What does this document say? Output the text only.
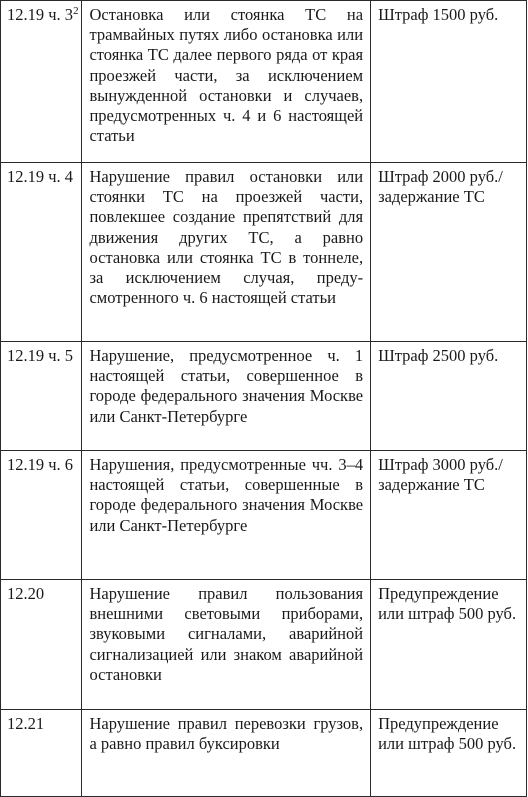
12.19 ч. $3^2$	Остановка или стоянка ТС на трамвайных путях либо остановка или стоянка ТС далее первого ряда от края проезжей части, за исключением вынужденной остановки и случаев, предусмотренных ч. 4 и 6 настоящей статьи	Штраф 1500 руб.
12.19 ч. 4	Нарушение правил остановки или стоянки ТС на проезжей части, повлекшее создание препятствий для движения других ТС, а равно остановка или стоянка ТС в тоннеле, за исключением случая, предусмотренного ч. 6 настоящей статьи	Штраф 2000 руб./ задержание ТС
12.19 ч. 5	Нарушение, предусмотренное ч. 1 настоящей статьи, совершенное в городе федерального значения Москве или Санкт-Петербурге	Штраф 2500 руб.
12.19 ч. 6	Нарушения, предусмотренные чч. 3–4 настоящей статьи, совершенные в городе федерального значения Москве или Санкт-Петербурге	Штраф 3000 руб./ задержание ТС
12.20	Нарушение правил пользования внешними световыми приборами, звуковыми сигналами, аварийной сигнализацией или знаком аварийной остановки	Предупреждение или штраф 500 руб.
12.21	Нарушение правил перевозки грузов, а равно правил буксировки	Предупреждение или штраф 500 руб.
